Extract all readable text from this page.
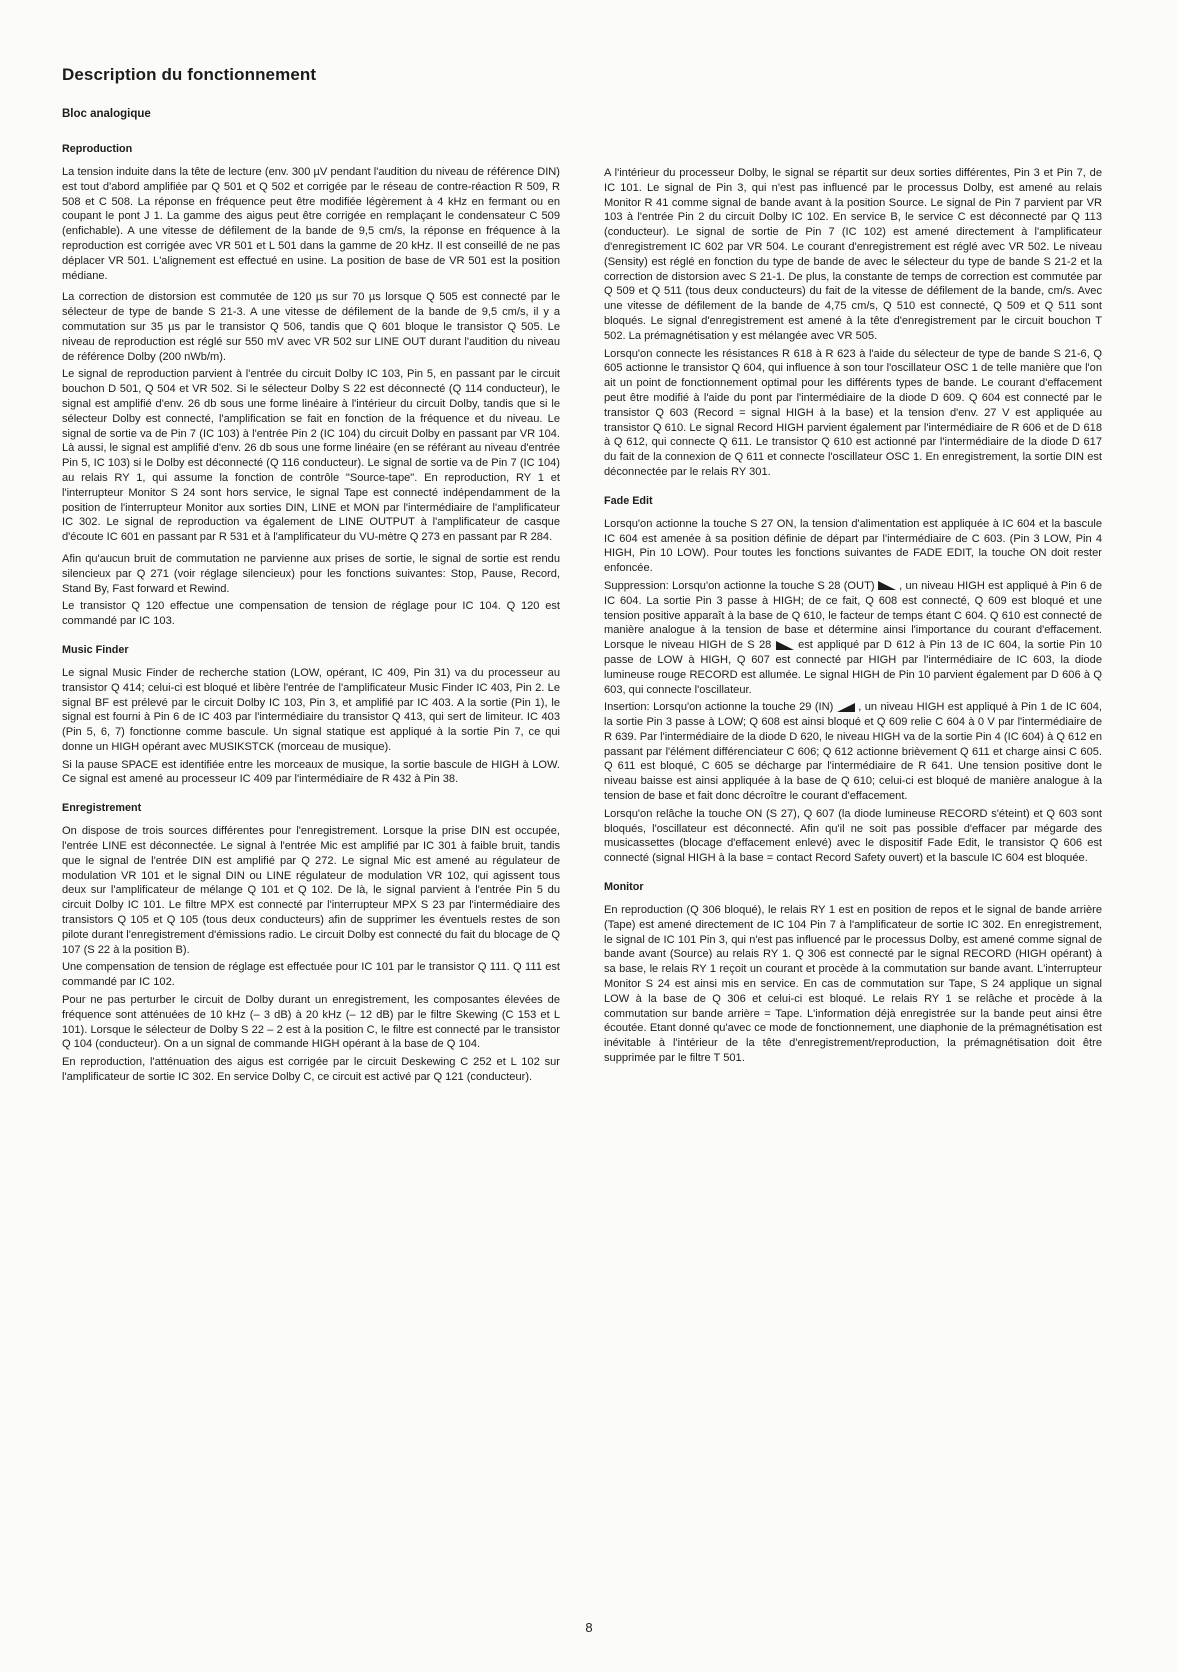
Description du fonctionnement
Bloc analogique
Reproduction

La tension induite dans la tête de lecture (env. 300 µV pendant l'audition du niveau de référence DIN) est tout d'abord amplifiée par Q 501 et Q 502 et corrigée par le réseau de contre-réaction R 509, R 508 et C 508. La réponse en fréquence peut être modifiée légèrement à 4 kHz en fermant ou en coupant le pont J 1. La gamme des aigus peut être corrigée en remplaçant le condensateur C 509 (enfichable). A une vitesse de défilement de la bande de 9,5 cm/s, la réponse en fréquence à la reproduction est corrigée avec VR 501 et L 501 dans la gamme de 20 kHz. Il est conseillé de ne pas déplacer VR 501. L'alignement est effectué en usine. La position de base de VR 501 est la position médiane.

La correction de distorsion est commutée de 120 µs sur 70 µs lorsque Q 505 est connecté par le sélecteur de type de bande S 21-3. A une vitesse de défilement de la bande de 9,5 cm/s, il y a commutation sur 35 µs par le transistor Q 506, tandis que Q 601 bloque le transistor Q 505. Le niveau de reproduction est réglé sur 550 mV avec VR 502 sur LINE OUT durant l'audition du niveau de référence Dolby (200 nWb/m).

Le signal de reproduction parvient à l'entrée du circuit Dolby IC 103, Pin 5, en passant par le circuit bouchon D 501, Q 504 et VR 502. Si le sélecteur Dolby S 22 est déconnecté (Q 114 conducteur), le signal est amplifié d'env. 26 db sous une forme linéaire à l'intérieur du circuit Dolby, tandis que si le sélecteur Dolby est connecté, l'amplification se fait en fonction de la fréquence et du niveau. Le signal de sortie va de Pin 7 (IC 103) à l'entrée Pin 2 (IC 104) du circuit Dolby en passant par VR 104. Là aussi, le signal est amplifié d'env. 26 db sous une forme linéaire (en se référant au niveau d'entrée Pin 5, IC 103) si le Dolby est déconnecté (Q 116 conducteur). Le signal de sortie va de Pin 7 (IC 104) au relais RY 1, qui assume la fonction de contrôle "Source-tape". En reproduction, RY 1 et l'interrupteur Monitor S 24 sont hors service, le signal Tape est connecté indépendamment de la position de l'interrupteur Monitor aux sorties DIN, LINE et MON par l'intermédiaire de l'amplificateur IC 302. Le signal de reproduction va également de LINE OUTPUT à l'amplificateur de casque d'écoute IC 601 en passant par R 531 et à l'amplificateur du VU-mètre Q 273 en passant par R 284.

Afin qu'aucun bruit de commutation ne parvienne aux prises de sortie, le signal de sortie est rendu silencieux par Q 271 (voir réglage silencieux) pour les fonctions suivantes: Stop, Pause, Record, Stand By, Fast forward et Rewind.

Le transistor Q 120 effectue une compensation de tension de réglage pour IC 104. Q 120 est commandé par IC 103.

Music Finder

Le signal Music Finder de recherche station (LOW, opérant, IC 409, Pin 31) va du processeur au transistor Q 414; celui-ci est bloqué et libère l'entrée de l'amplificateur Music Finder IC 403, Pin 2. Le signal BF est prélevé par le circuit Dolby IC 103, Pin 3, et amplifié par IC 403. A la sortie (Pin 1), le signal est fourni à Pin 6 de IC 403 par l'intermédiaire du transistor Q 413, qui sert de limiteur. IC 403 (Pin 5, 6, 7) fonctionne comme bascule. Un signal statique est appliqué à la sortie Pin 7, ce qui donne un HIGH opérant avec MUSIKSTCK (morceau de musique).

Si la pause SPACE est identifiée entre les morceaux de musique, la sortie bascule de HIGH à LOW. Ce signal est amené au processeur IC 409 par l'intermédiaire de R 432 à Pin 38.

Enregistrement

On dispose de trois sources différentes pour l'enregistrement. Lorsque la prise DIN est occupée, l'entrée LINE est déconnectée. Le signal à l'entrée Mic est amplifié par IC 301 à faible bruit, tandis que le signal de l'entrée DIN est amplifié par Q 272. Le signal Mic est amené au régulateur de modulation VR 101 et le signal DIN ou LINE régulateur de modulation VR 102, qui agissent tous deux sur l'amplificateur de mélange Q 101 et Q 102. De là, le signal parvient à l'entrée Pin 5 du circuit Dolby IC 101. Le filtre MPX est connecté par l'interrupteur MPX S 23 par l'intermédiaire des transistors Q 105 et Q 105 (tous deux conducteurs) afin de supprimer les éventuels restes de son pilote durant l'enregistrement d'émissions radio. Le circuit Dolby est connecté du fait du blocage de Q 107 (S 22 à la position B).

Une compensation de tension de réglage est effectuée pour IC 101 par le transistor Q 111. Q 111 est commandé par IC 102.

Pour ne pas perturber le circuit de Dolby durant un enregistrement, les composantes élevées de fréquence sont atténuées de 10 kHz (– 3 dB) à 20 kHz (– 12 dB) par le filtre Skewing (C 153 et L 101). Lorsque le sélecteur de Dolby S 22 – 2 est à la position C, le filtre est connecté par le transistor Q 104 (conducteur). On a un signal de commande HIGH opérant à la base de Q 104.

En reproduction, l'atténuation des aigus est corrigée par le circuit Deskewing C 252 et L 102 sur l'amplificateur de sortie IC 302. En service Dolby C, ce circuit est activé par Q 121 (conducteur).

A l'intérieur du processeur Dolby, le signal se répartit sur deux sorties différentes, Pin 3 et Pin 7, de IC 101. Le signal de Pin 3, qui n'est pas influencé par le processus Dolby, est amené au relais Monitor R 41 comme signal de bande avant à la position Source. Le signal de Pin 7 parvient par VR 103 à l'entrée Pin 2 du circuit Dolby IC 102. En service B, le service C est déconnecté par Q 113 (conducteur). Le signal de sortie de Pin 7 (IC 102) est amené directement à l'amplificateur d'enregistrement IC 602 par VR 504. Le courant d'enregistrement est réglé avec VR 502. Le niveau (Sensity) est réglé en fonction du type de bande de avec le sélecteur du type de bande S 21-2 et la correction de distorsion avec S 21-1. De plus, la constante de temps de correction est commutée par Q 509 et Q 511 (tous deux conducteurs) du fait de la vitesse de défilement de la bande, cm/s. Avec une vitesse de défilement de la bande de 4,75 cm/s, Q 510 est connecté, Q 509 et Q 511 sont bloqués. Le signal d'enregistrement est amené à la tête d'enregistrement par le circuit bouchon T 502. La prémagnétisation y est mélangée avec VR 505.

Lorsqu'on connecte les résistances R 618 à R 623 à l'aide du sélecteur de type de bande S 21-6, Q 605 actionne le transistor Q 604, qui influence à son tour l'oscillateur OSC 1 de telle manière que l'on ait un point de fonctionnement optimal pour les différents types de bande. Le courant d'effacement peut être modifié à l'aide du pont par l'intermédiaire de la diode D 609. Q 604 est connecté par le transistor Q 603 (Record = signal HIGH à la base) et la tension d'env. 27 V est appliquée au transistor Q 610. Le signal Record HIGH parvient également par l'intermédiaire de R 606 et de D 618 à Q 612, qui connecte Q 611. Le transistor Q 610 est actionné par l'intermédiaire de la diode D 617 du fait de la connexion de Q 611 et connecte l'oscillateur OSC 1. En enregistrement, la sortie DIN est déconnectée par le relais RY 301.

Fade Edit

Lorsqu'on actionne la touche S 27 ON, la tension d'alimentation est appliquée à IC 604 et la bascule IC 604 est amenée à sa position définie de départ par l'intermédiaire de C 603. (Pin 3 LOW, Pin 4 HIGH, Pin 10 LOW). Pour toutes les fonctions suivantes de FADE EDIT, la touche ON doit rester enfoncée.

Suppression: Lorsqu'on actionne la touche S 28 (OUT) , un niveau HIGH est appliqué à Pin 6 de IC 604. La sortie Pin 3 passe à HIGH; de ce fait, Q 608 est connecté, Q 609 est bloqué et une tension positive apparaît à la base de Q 610, le facteur de temps étant C 604. Q 610 est connecté de manière analogue à la tension de base et détermine ainsi l'importance du courant d'effacement. Lorsque le niveau HIGH de S 28 est appliqué par D 612 à Pin 13 de IC 604, la sortie Pin 10 passe de LOW à HIGH, Q 607 est connecté par HIGH par l'intermédiaire de IC 603, la diode lumineuse rouge RECORD est allumée. Le signal HIGH de Pin 10 parvient également par D 606 à Q 603, qui connecte l'oscillateur.

Insertion: Lorsqu'on actionne la touche 29 (IN) , un niveau HIGH est appliqué à Pin 1 de IC 604, la sortie Pin 3 passe à LOW; Q 608 est ainsi bloqué et Q 609 relie C 604 à 0 V par l'intermédiaire de R 639. Par l'intermédiaire de la diode D 620, le niveau HIGH va de la sortie Pin 4 (IC 604) à Q 612 en passant par l'élément différenciateur C 606; Q 612 actionne brièvement Q 611 et charge ainsi C 605. Q 611 est bloqué, C 605 se décharge par l'intermédiaire de R 641. Une tension positive dont le niveau baisse est ainsi appliquée à la base de Q 610; celui-ci est bloqué de manière analogue à la tension de base et fait donc décroître le courant d'effacement.

Lorsqu'on relâche la touche ON (S 27), Q 607 (la diode lumineuse RECORD s'éteint) et Q 603 sont bloqués, l'oscillateur est déconnecté. Afin qu'il ne soit pas possible d'effacer par mégarde des musicassettes (blocage d'effacement enlevé) avec le dispositif Fade Edit, le transistor Q 606 est connecté (signal HIGH à la base = contact Record Safety ouvert) et la bascule IC 604 est bloquée.

Monitor

En reproduction (Q 306 bloqué), le relais RY 1 est en position de repos et le signal de bande arrière (Tape) est amené directement de IC 104 Pin 7 à l'amplificateur de sortie IC 302. En enregistrement, le signal de IC 101 Pin 3, qui n'est pas influencé par le processus Dolby, est amené comme signal de bande avant (Source) au relais RY 1. Q 306 est connecté par le signal RECORD (HIGH opérant) à sa base, le relais RY 1 reçoit un courant et procède à la commutation sur bande avant. L'interrupteur Monitor S 24 est ainsi mis en service. En cas de commutation sur Tape, S 24 applique un signal LOW à la base de Q 306 et celui-ci est bloqué. Le relais RY 1 se relâche et procède à la commutation sur bande arrière = Tape. L'information déjà enregistrée sur la bande peut ainsi être écoutée. Etant donné qu'avec ce mode de fonctionnement, une diaphonie de la prémagnétisation est inévitable à l'intérieur de la tête d'enregistrement/reproduction, la prémagnétisation doit être supprimée par le filtre T 501.

8
